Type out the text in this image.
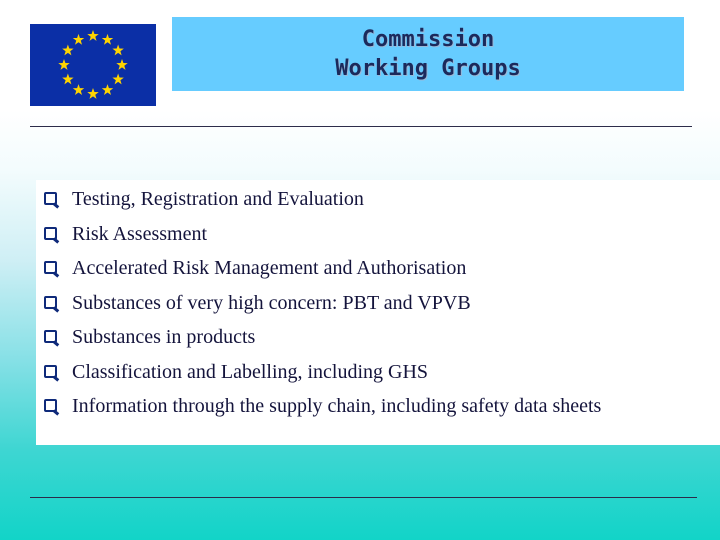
Commission
Working Groups
Testing, Registration and Evaluation
Risk Assessment
Accelerated Risk Management and Authorisation
Substances of very high concern: PBT and VPVB
Substances in products
Classification and Labelling, including GHS
Information through the supply chain, including safety data sheets
